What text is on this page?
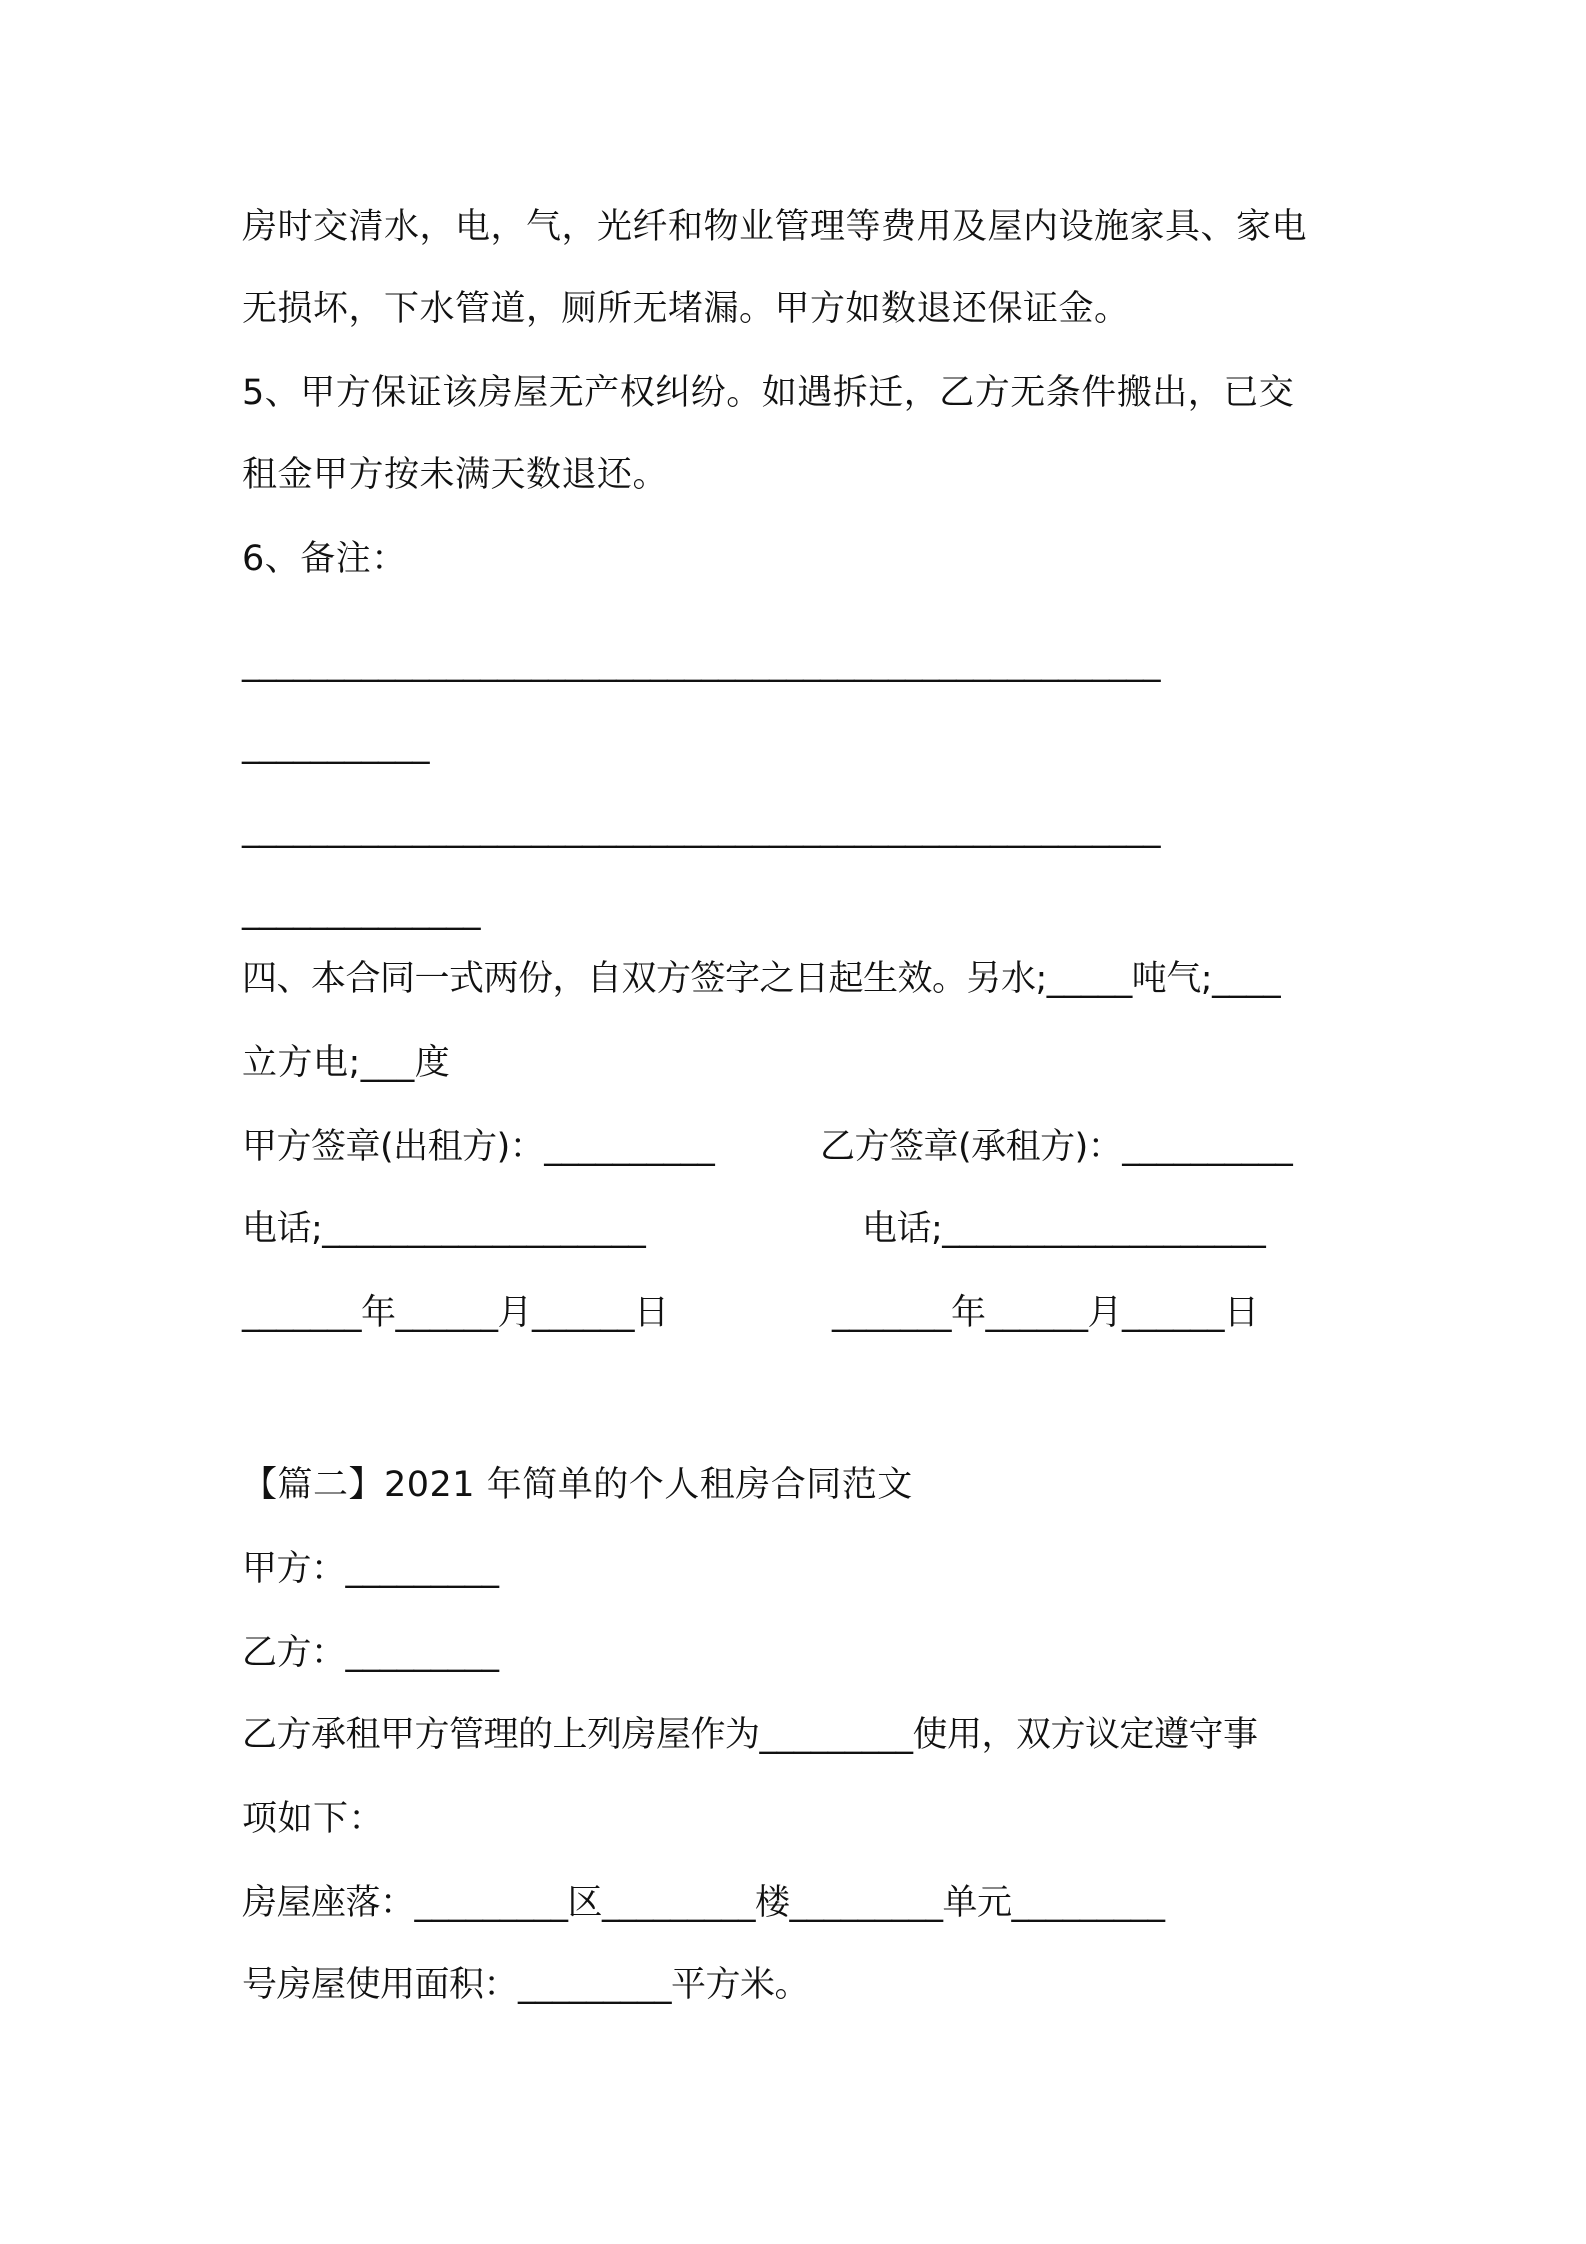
房时交清水，电，气，光纤和物业管理等费用及屋内设施家具、家电

无损坏，下水管道，厕所无堵漏。甲方如数退还保证金。

5、甲方保证该房屋无产权纠纷。如遇拆迁，乙方无条件搬出，已交

租金甲方按未满天数退还。

6、备注：

______________________________________________________

___________

______________________________________________________

______________

四、本合同一式两份，自双方签字之日起生效。另水;_____吨气;____

立方电;___度

甲方签章(出租方)：__________	乙方签章(承租方)：__________

电话;___________________	电话;___________________

_______年______月______日	_______年______月______日

【篇二】2021 年简单的个人租房合同范文

甲方：_________

乙方：_________

乙方承租甲方管理的上列房屋作为_________使用，双方议定遵守事

项如下：

房屋座落：_________区_________楼_________单元_________

号房屋使用面积：_________平方米。
